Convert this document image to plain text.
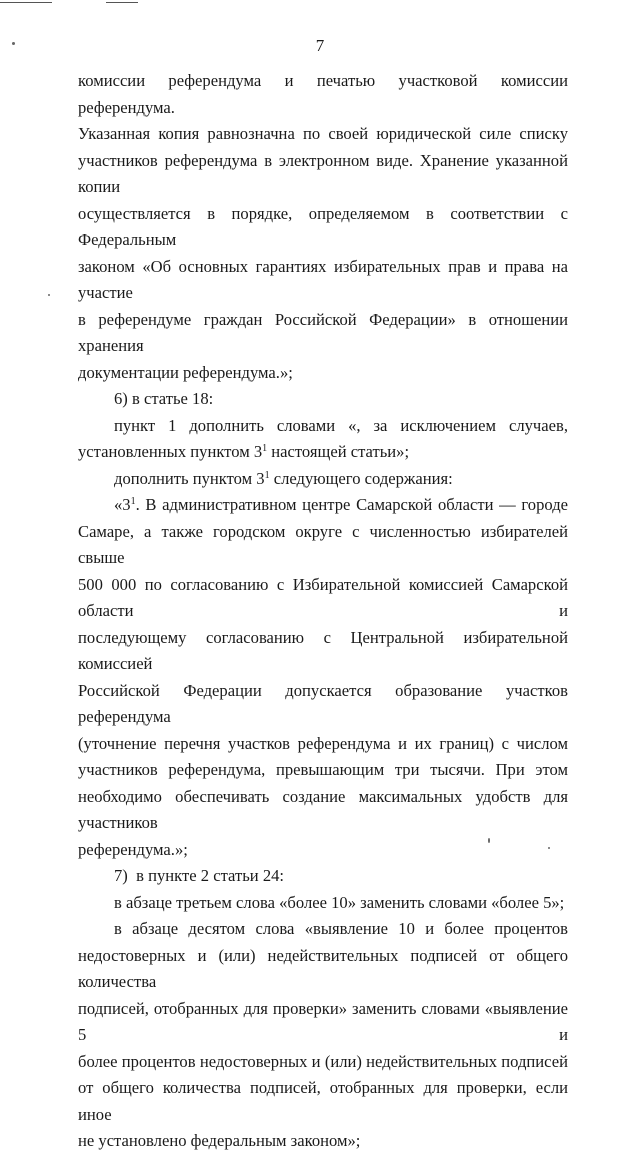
7

комиссии референдума и печатью участковой комиссии референдума.
Указанная копия равнозначна по своей юридической силе списку
участников референдума в электронном виде. Хранение указанной копии
осуществляется в порядке, определяемом в соответствии с Федеральным
законом «Об основных гарантиях избирательных прав и права на участие
в референдуме граждан Российской Федерации» в отношении хранения
документации референдума.»;

6) в статье 18:

пункт 1 дополнить словами «, за исключением случаев,
установленных пунктом $3^1$ настоящей статьи»;

дополнить пунктом $3^1$ следующего содержания:

«$3^1$. В административном центре Самарской области — городе
Самаре, а также городском округе с численностью избирателей свыше
500 000 по согласованию с Избирательной комиссией Самарской области и
последующему согласованию с Центральной избирательной комиссией
Российской Федерации допускается образование участков референдума
(уточнение перечня участков референдума и их границ) с числом
участников референдума, превышающим три тысячи. При этом
необходимо обеспечивать создание максимальных удобств для участников
референдума.»;

7)  в пункте 2 статьи 24:

в абзаце третьем слова «более 10» заменить словами «более 5»;

в абзаце десятом слова «выявление 10 и более процентов
недостоверных и (или) недействительных подписей от общего количества
подписей, отобранных для проверки» заменить словами «выявление 5 и
более процентов недостоверных и (или) недействительных подписей
от общего количества подписей, отобранных для проверки, если иное
не установлено федеральным законом»;
